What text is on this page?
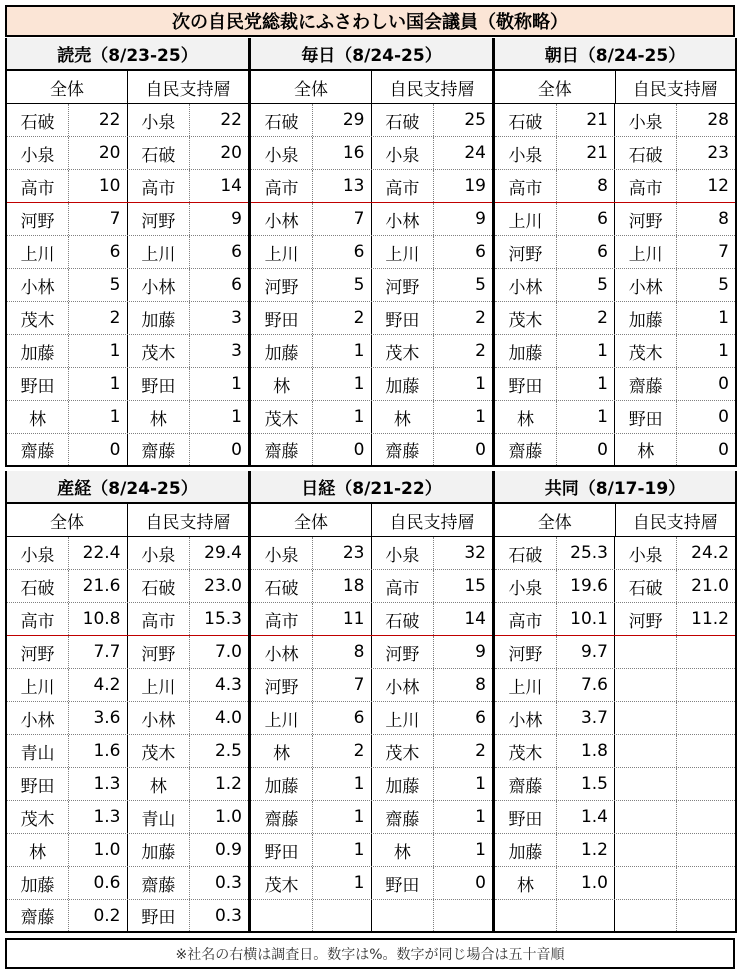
次の自民党総裁にふさわしい国会議員（敬称略）
読売（8/23-25）
全体	自民支持層
石破	22	小泉	22
小泉	20	石破	20
高市	10	高市	14
河野	7	河野	9
上川	6	上川	6
小林	5	小林	6
茂木	2	加藤	3
加藤	1	茂木	3
野田	1	野田	1
林	1	林	1
齋藤	0	齋藤	0
毎日（8/24-25）
全体	自民支持層
石破	29	石破	25
小泉	16	小泉	24
高市	13	高市	19
小林	7	小林	9
上川	6	上川	6
河野	5	河野	5
野田	2	野田	2
加藤	1	茂木	2
林	1	加藤	1
茂木	1	林	1
齋藤	0	齋藤	0
朝日（8/24-25）
全体	自民支持層
石破	21	小泉	28
小泉	21	石破	23
高市	8	高市	12
上川	6	河野	8
河野	6	上川	7
小林	5	小林	5
茂木	2	加藤	1
加藤	1	茂木	1
野田	1	齋藤	0
林	1	野田	0
齋藤	0	林	0
産経（8/24-25）
全体	自民支持層
小泉	22.4	小泉	29.4
石破	21.6	石破	23.0
高市	10.8	高市	15.3
河野	7.7	河野	7.0
上川	4.2	上川	4.3
小林	3.6	小林	4.0
青山	1.6	茂木	2.5
野田	1.3	林	1.2
茂木	1.3	青山	1.0
林	1.0	加藤	0.9
加藤	0.6	齋藤	0.3
齋藤	0.2	野田	0.3
日経（8/21-22）
全体	自民支持層
小泉	23	小泉	32
石破	18	高市	15
高市	11	石破	14
小林	8	河野	9
河野	7	小林	8
上川	6	上川	6
林	2	茂木	2
加藤	1	加藤	1
齋藤	1	齋藤	1
野田	1	林	1
茂木	1	野田	0
共同（8/17-19）
全体	自民支持層
石破	25.3	小泉	24.2
小泉	19.6	石破	21.0
高市	10.1	河野	11.2
河野	9.7
上川	7.6
小林	3.7
茂木	1.8
齋藤	1.5
野田	1.4
加藤	1.2
林	1.0
※社名の右横は調査日。数字は%。数字が同じ場合は五十音順
